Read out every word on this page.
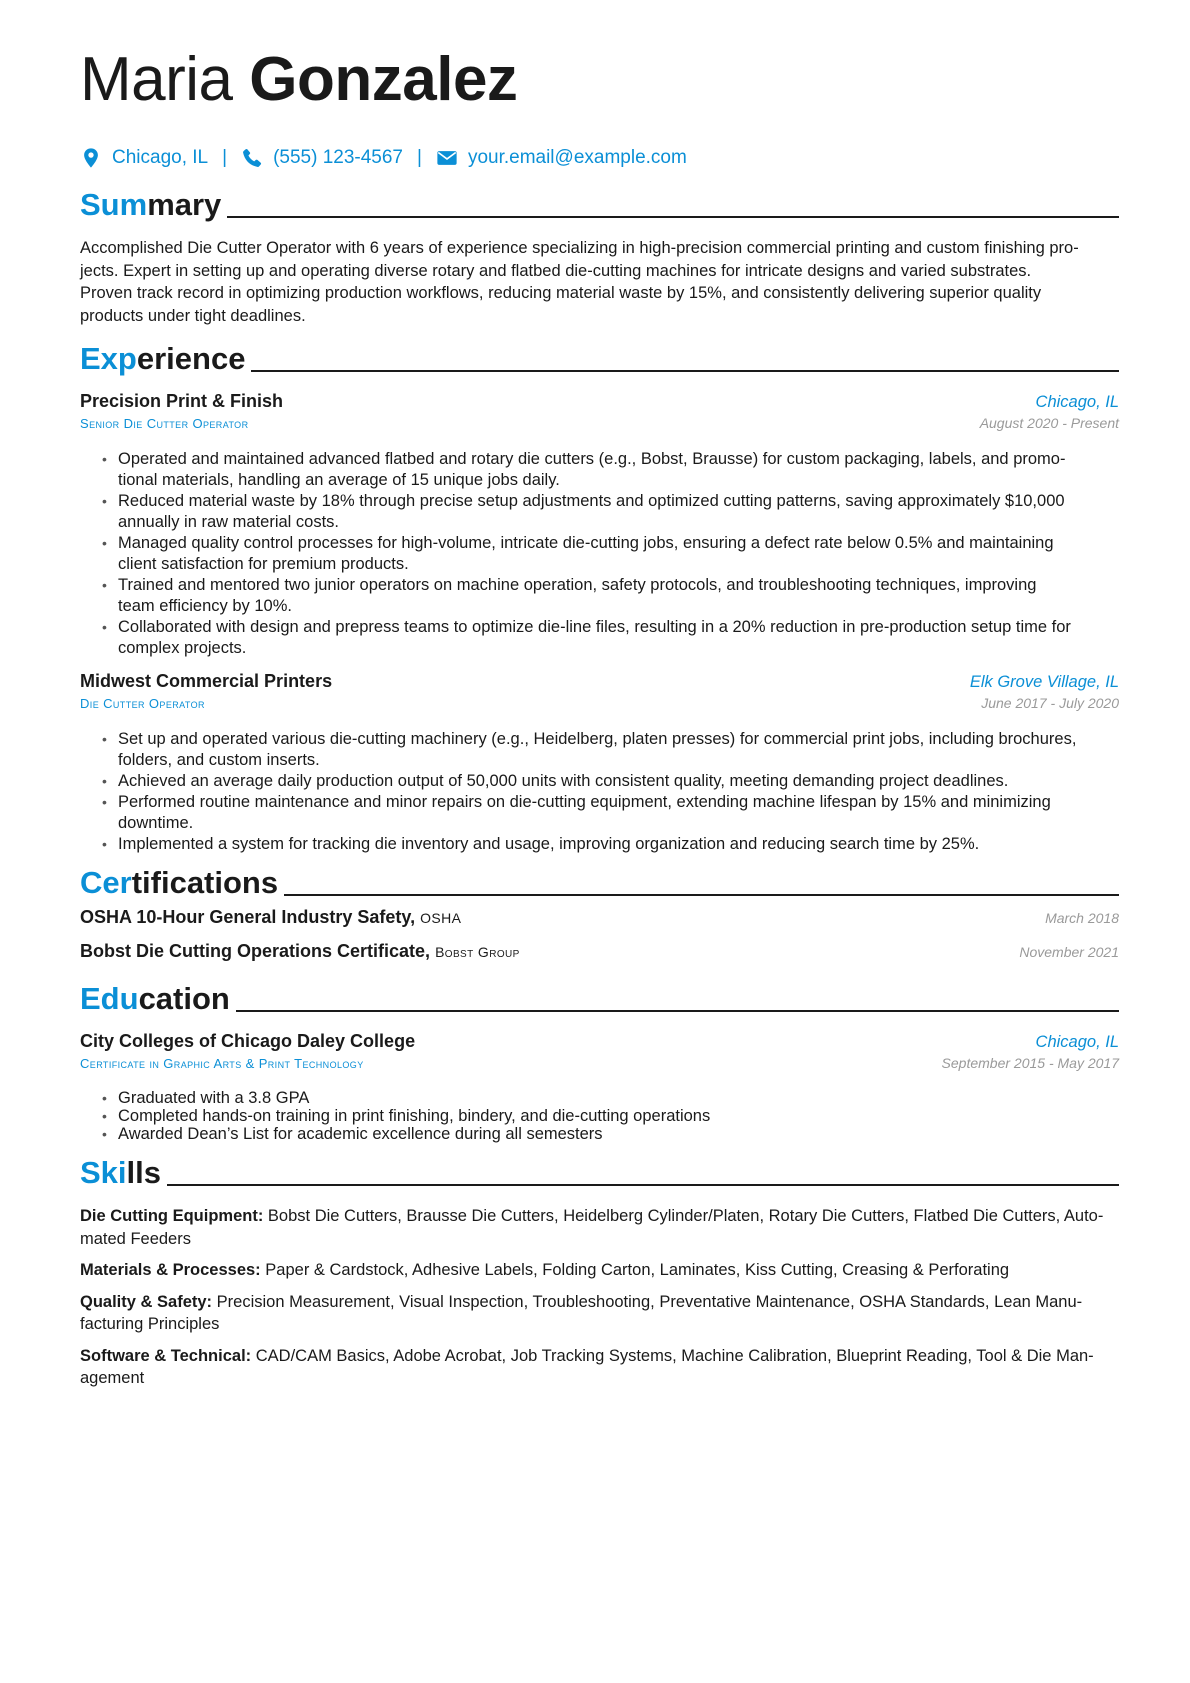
Maria Gonzalez
Chicago, IL | (555) 123-4567 | your.email@example.com
Summary
Accomplished Die Cutter Operator with 6 years of experience specializing in high-precision commercial printing and custom finishing pro-
jects. Expert in setting up and operating diverse rotary and flatbed die-cutting machines for intricate designs and varied substrates.
Proven track record in optimizing production workflows, reducing material waste by 15%, and consistently delivering superior quality
products under tight deadlines.
Experience
Precision Print & Finish	Chicago, IL
Senior Die Cutter Operator	August 2020 - Present
• Operated and maintained advanced flatbed and rotary die cutters (e.g., Bobst, Brausse) for custom packaging, labels, and promo-
tional materials, handling an average of 15 unique jobs daily.
• Reduced material waste by 18% through precise setup adjustments and optimized cutting patterns, saving approximately $10,000
annually in raw material costs.
• Managed quality control processes for high-volume, intricate die-cutting jobs, ensuring a defect rate below 0.5% and maintaining
client satisfaction for premium products.
• Trained and mentored two junior operators on machine operation, safety protocols, and troubleshooting techniques, improving
team efficiency by 10%.
• Collaborated with design and prepress teams to optimize die-line files, resulting in a 20% reduction in pre-production setup time for
complex projects.
Midwest Commercial Printers	Elk Grove Village, IL
Die Cutter Operator	June 2017 - July 2020
• Set up and operated various die-cutting machinery (e.g., Heidelberg, platen presses) for commercial print jobs, including brochures,
folders, and custom inserts.
• Achieved an average daily production output of 50,000 units with consistent quality, meeting demanding project deadlines.
• Performed routine maintenance and minor repairs on die-cutting equipment, extending machine lifespan by 15% and minimizing
downtime.
• Implemented a system for tracking die inventory and usage, improving organization and reducing search time by 25%.
Certifications
OSHA 10-Hour General Industry Safety, OSHA	March 2018
Bobst Die Cutting Operations Certificate, Bobst Group	November 2021
Education
City Colleges of Chicago Daley College	Chicago, IL
Certificate in Graphic Arts & Print Technology	September 2015 - May 2017
• Graduated with a 3.8 GPA
• Completed hands-on training in print finishing, bindery, and die-cutting operations
• Awarded Dean’s List for academic excellence during all semesters
Skills
Die Cutting Equipment: Bobst Die Cutters, Brausse Die Cutters, Heidelberg Cylinder/Platen, Rotary Die Cutters, Flatbed Die Cutters, Auto-
mated Feeders
Materials & Processes: Paper & Cardstock, Adhesive Labels, Folding Carton, Laminates, Kiss Cutting, Creasing & Perforating
Quality & Safety: Precision Measurement, Visual Inspection, Troubleshooting, Preventative Maintenance, OSHA Standards, Lean Manu-
facturing Principles
Software & Technical: CAD/CAM Basics, Adobe Acrobat, Job Tracking Systems, Machine Calibration, Blueprint Reading, Tool & Die Man-
agement
